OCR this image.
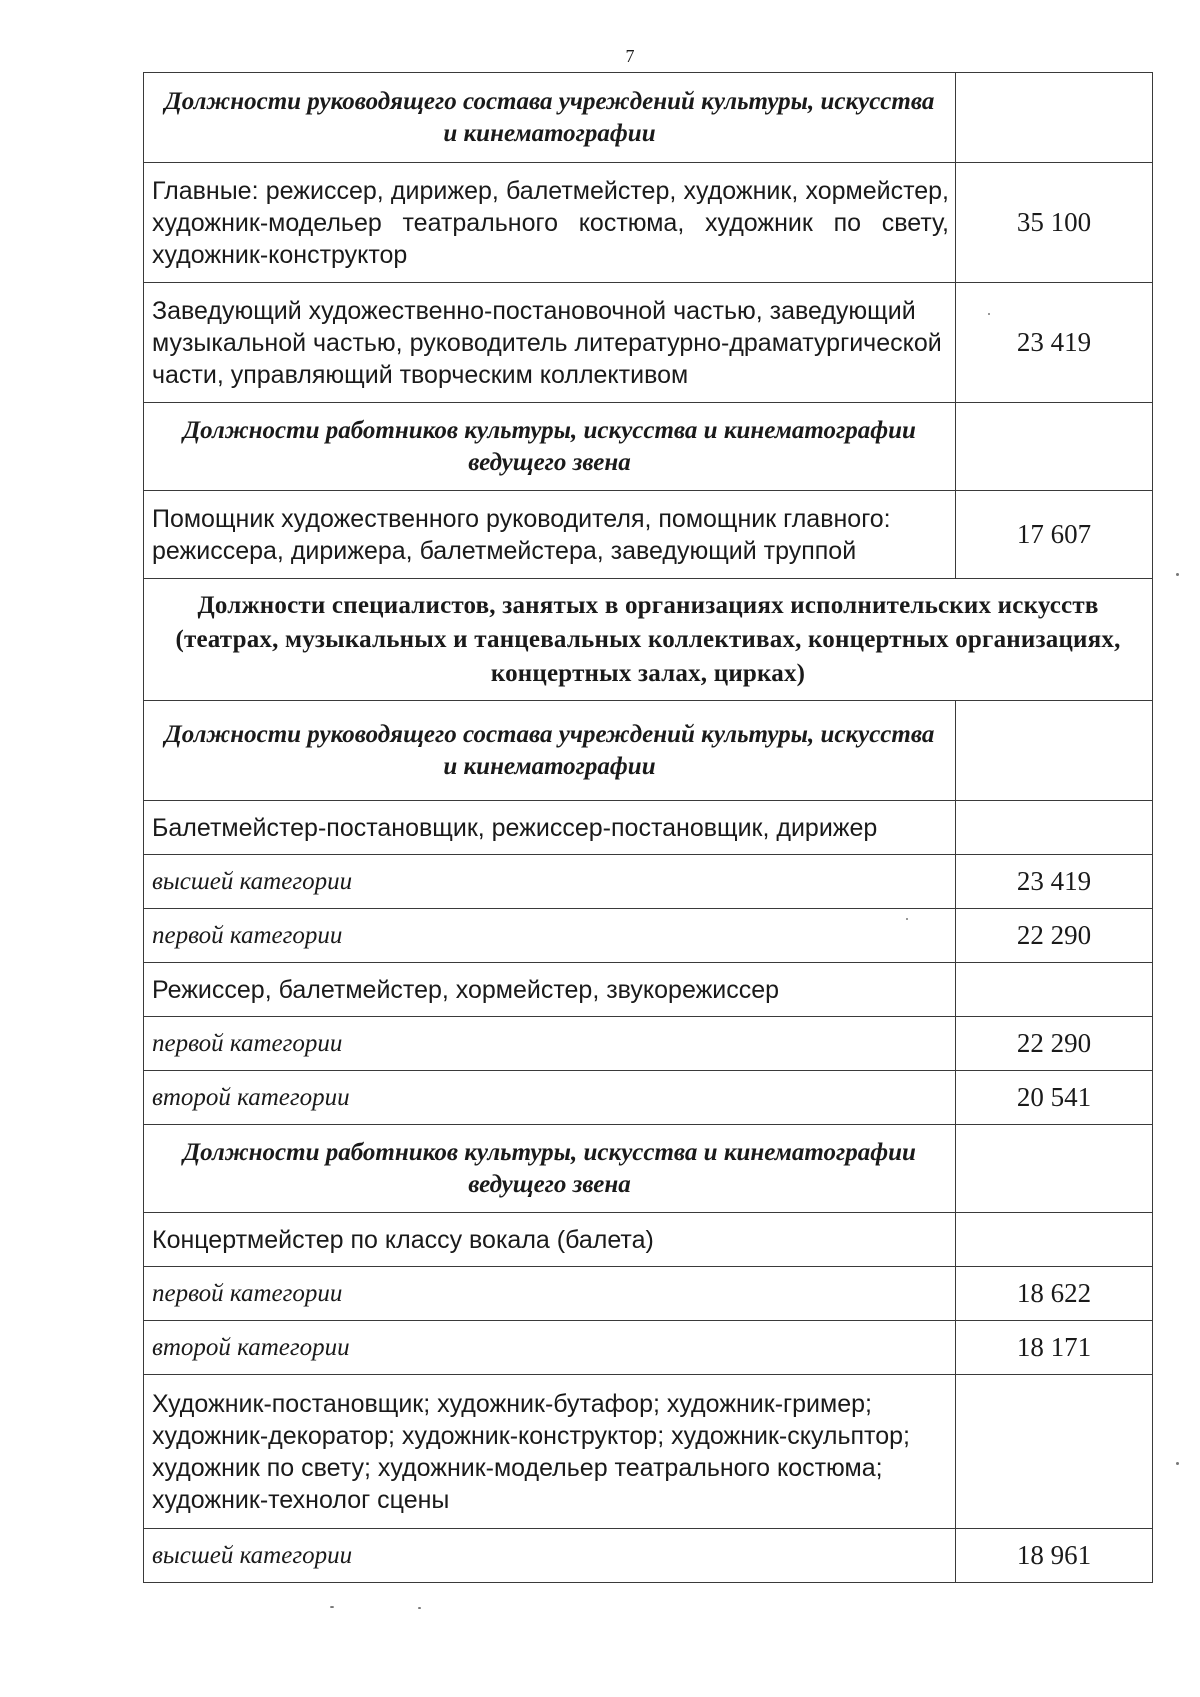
7
Должности руководящего состава учреждений культуры, искусства и кинематографии	
Главные: режиссер, дирижер, балетмейстер, художник, хормейстер, художник-модельер театрального костюма, художник по свету, художник-конструктор	35 100
Заведующий художественно-постановочной частью, заведующий музыкальной частью, руководитель литературно-драматургической части, управляющий творческим коллективом	23 419
Должности работников культуры, искусства и кинематографии ведущего звена	
Помощник художественного руководителя, помощник главного: режиссера, дирижера, балетмейстера, заведующий труппой	17 607
Должности специалистов, занятых в организациях исполнительских искусств (театрах, музыкальных и танцевальных коллективах, концертных организациях, концертных залах, цирках)	
Должности руководящего состава учреждений культуры, искусства и кинематографии	
Балетмейстер-постановщик, режиссер-постановщик, дирижер	
высшей категории	23 419
первой категории	22 290
Режиссер, балетмейстер, хормейстер, звукорежиссер	
первой категории	22 290
второй категории	20 541
Должности работников культуры, искусства и кинематографии ведущего звена	
Концертмейстер по классу вокала (балета)	
первой категории	18 622
второй категории	18 171
Художник-постановщик; художник-бутафор; художник-гример; художник-декоратор; художник-конструктор; художник-скульптор; художник по свету; художник-модельер театрального костюма; художник-технолог сцены	
высшей категории	18 961
